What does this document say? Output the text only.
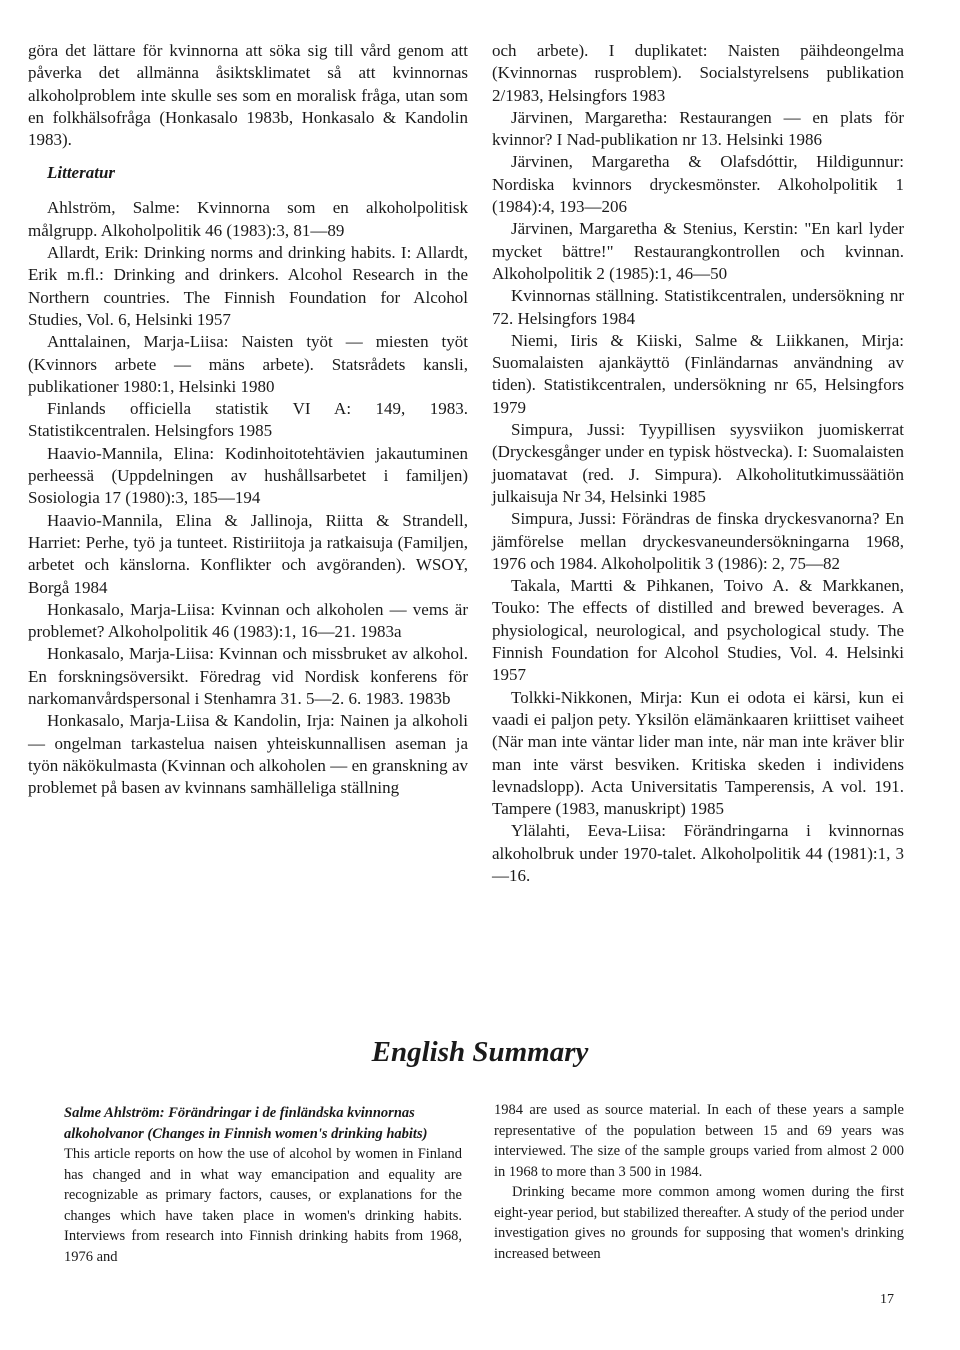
göra det lättare för kvinnorna att söka sig till vård genom att påverka det allmänna åsiktsklimatet så att kvinnornas alkoholproblem inte skulle ses som en moralisk fråga, utan som en folkhälsofråga (Honkasalo 1983b, Honkasalo & Kandolin 1983).

Litteratur

Ahlström, Salme: Kvinnorna som en alkoholpolitisk målgrupp. Alkoholpolitik 46 (1983):3, 81—89

Allardt, Erik: Drinking norms and drinking habits. I: Allardt, Erik m.fl.: Drinking and drinkers. Alcohol Research in the Northern countries. The Finnish Foundation for Alcohol Studies, Vol. 6, Helsinki 1957

Anttalainen, Marja-Liisa: Naisten työt — miesten työt (Kvinnors arbete — mäns arbete). Statsrådets kansli, publikationer 1980:1, Helsinki 1980

Finlands officiella statistik VI A: 149, 1983. Statistikcentralen. Helsingfors 1985

Haavio-Mannila, Elina: Kodinhoitotehtävien jakautuminen perheessä (Uppdelningen av hushållsarbetet i familjen) Sosiologia 17 (1980):3, 185—194

Haavio-Mannila, Elina & Jallinoja, Riitta & Strandell, Harriet: Perhe, työ ja tunteet. Ristiriitoja ja ratkaisuja (Familjen, arbetet och känslorna. Konflikter och avgöranden). WSOY, Borgå 1984

Honkasalo, Marja-Liisa: Kvinnan och alkoholen — vems är problemet? Alkoholpolitik 46 (1983):1, 16—21. 1983a

Honkasalo, Marja-Liisa: Kvinnan och missbruket av alkohol. En forskningsöversikt. Föredrag vid Nordisk konferens för narkomanvårdspersonal i Stenhamra 31. 5—2. 6. 1983. 1983b

Honkasalo, Marja-Liisa & Kandolin, Irja: Nainen ja alkoholi — ongelman tarkastelua naisen yhteiskunnallisen aseman ja työn näkökulmasta (Kvinnan och alkoholen — en granskning av problemet på basen av kvinnans samhälleliga ställning

och arbete). I duplikatet: Naisten päihdeongelma (Kvinnornas rusproblem). Socialstyrelsens publikation 2/1983, Helsingfors 1983

Järvinen, Margaretha: Restaurangen — en plats för kvinnor? I Nad-publikation nr 13. Helsinki 1986

Järvinen, Margaretha & Olafsdóttir, Hildigunnur: Nordiska kvinnors dryckesmönster. Alkoholpolitik 1 (1984):4, 193—206

Järvinen, Margaretha & Stenius, Kerstin: "En karl lyder mycket bättre!" Restaurangkontrollen och kvinnan. Alkoholpolitik 2 (1985):1, 46—50

Kvinnornas ställning. Statistikcentralen, undersökning nr 72. Helsingfors 1984

Niemi, Iiris & Kiiski, Salme & Liikkanen, Mirja: Suomalaisten ajankäyttö (Finländarnas användning av tiden). Statistikcentralen, undersökning nr 65, Helsingfors 1979

Simpura, Jussi: Tyypillisen syysviikon juomiskerrat (Dryckesgånger under en typisk höstvecka). I: Suomalaisten juomatavat (red. J. Simpura). Alkoholitutkimussäätiön julkaisuja Nr 34, Helsinki 1985

Simpura, Jussi: Förändras de finska dryckesvanorna? En jämförelse mellan dryckesvaneundersökningarna 1968, 1976 och 1984. Alkoholpolitik 3 (1986): 2, 75—82

Takala, Martti & Pihkanen, Toivo A. & Markkanen, Touko: The effects of distilled and brewed beverages. A physiological, neurological, and psychological study. The Finnish Foundation for Alcohol Studies, Vol. 4. Helsinki 1957

Tolkki-Nikkonen, Mirja: Kun ei odota ei kärsi, kun ei vaadi ei paljon pety. Yksilön elämänkaaren kriittiset vaiheet (När man inte väntar lider man inte, när man inte kräver blir man inte värst besviken. Kritiska skeden i individens levnadslopp). Acta Universitatis Tamperensis, A vol. 191. Tampere (1983, manuskript) 1985

Ylälahti, Eeva-Liisa: Förändringarna i kvinnornas alkoholbruk under 1970-talet. Alkoholpolitik 44 (1981):1, 3—16.

English Summary

Salme Ahlström: Förändringar i de finländska kvinnornas alkoholvanor (Changes in Finnish women's drinking habits)

This article reports on how the use of alcohol by women in Finland has changed and in what way emancipation and equality are recognizable as primary factors, causes, or explanations for the changes which have taken place in women's drinking habits. Interviews from research into Finnish drinking habits from 1968, 1976 and

1984 are used as source material. In each of these years a sample representative of the population between 15 and 69 years was interviewed. The size of the sample groups varied from almost 2 000 in 1968 to more than 3 500 in 1984.

Drinking became more common among women during the first eight-year period, but stabilized thereafter. A study of the period under investigation gives no grounds for supposing that women's drinking increased between

17
